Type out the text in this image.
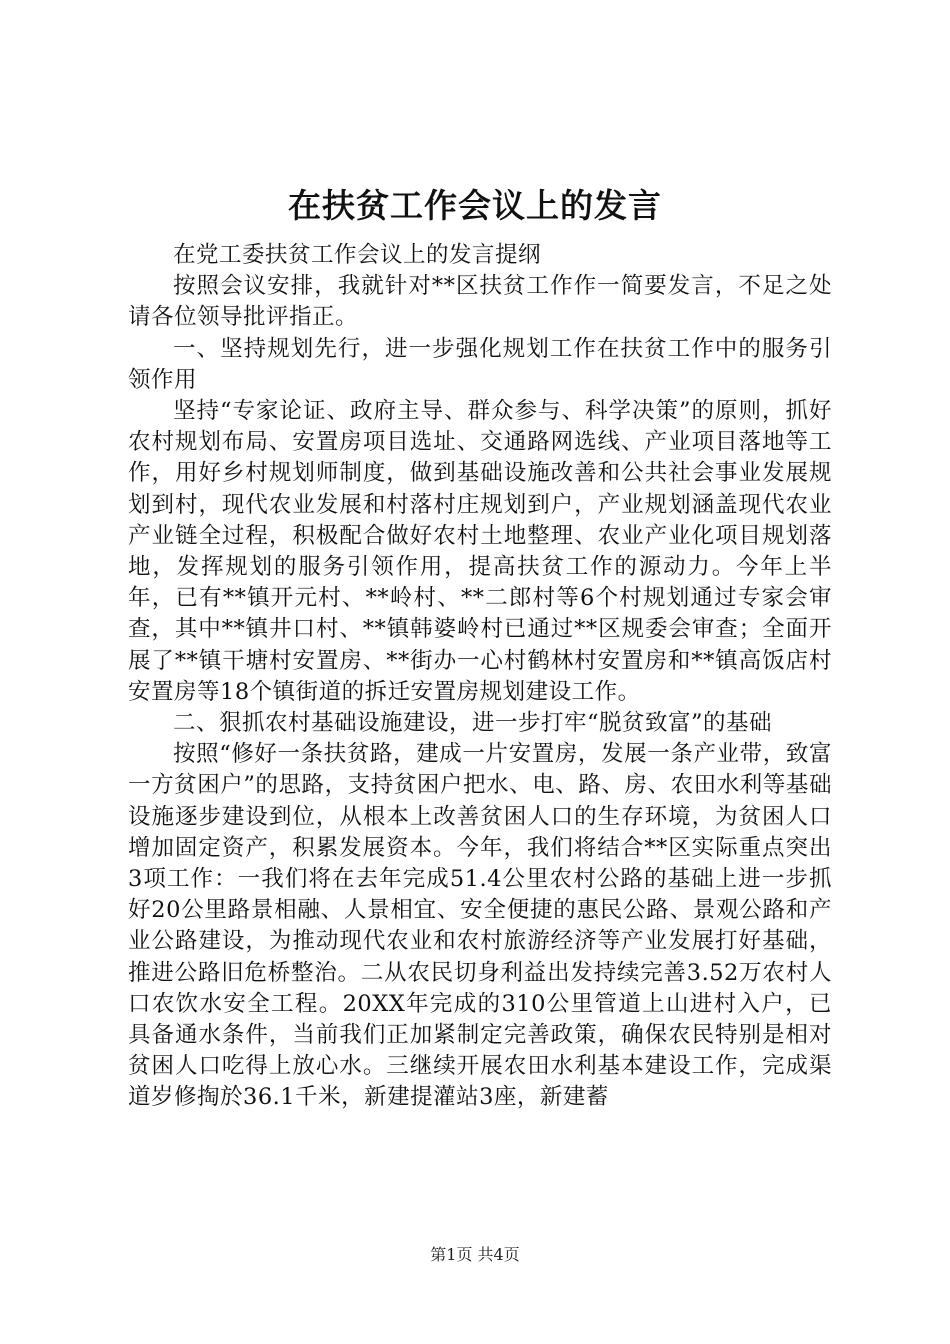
在扶贫工作会议上的发言

在党工委扶贫工作会议上的发言提纲

按照会议安排，我就针对**区扶贫工作作一简要发言，不足之处请各位领导批评指正。

一、坚持规划先行，进一步强化规划工作在扶贫工作中的服务引领作用

坚持“专家论证、政府主导、群众参与、科学决策”的原则，抓好农村规划布局、安置房项目选址、交通路网选线、产业项目落地等工作，用好乡村规划师制度，做到基础设施改善和公共社会事业发展规划到村，现代农业发展和村落村庄规划到户，产业规划涵盖现代农业产业链全过程，积极配合做好农村土地整理、农业产业化项目规划落地，发挥规划的服务引领作用，提高扶贫工作的源动力。今年上半年，已有**镇开元村、**岭村、**二郎村等6个村规划通过专家会审查，其中**镇井口村、**镇韩婆岭村已通过**区规委会审查；全面开展了**镇干塘村安置房、**街办一心村鹤林村安置房和**镇高饭店村安置房等18个镇街道的拆迁安置房规划建设工作。

二、狠抓农村基础设施建设，进一步打牢“脱贫致富”的基础

按照“修好一条扶贫路，建成一片安置房，发展一条产业带，致富一方贫困户”的思路，支持贫困户把水、电、路、房、农田水利等基础设施逐步建设到位，从根本上改善贫困人口的生存环境，为贫困人口增加固定资产，积累发展资本。今年，我们将结合**区实际重点突出3项工作：一我们将在去年完成51.4公里农村公路的基础上进一步抓好20公里路景相融、人景相宜、安全便捷的惠民公路、景观公路和产业公路建设，为推动现代农业和农村旅游经济等产业发展打好基础，推进公路旧危桥整治。二从农民切身利益出发持续完善3.52万农村人口农饮水安全工程。20XX年完成的310公里管道上山进村入户，已具备通水条件，当前我们正加紧制定完善政策，确保农民特别是相对贫困人口吃得上放心水。三继续开展农田水利基本建设工作，完成渠道岁修掏於36.1千米，新建提灌站3座，新建蓄

第1页 共4页
